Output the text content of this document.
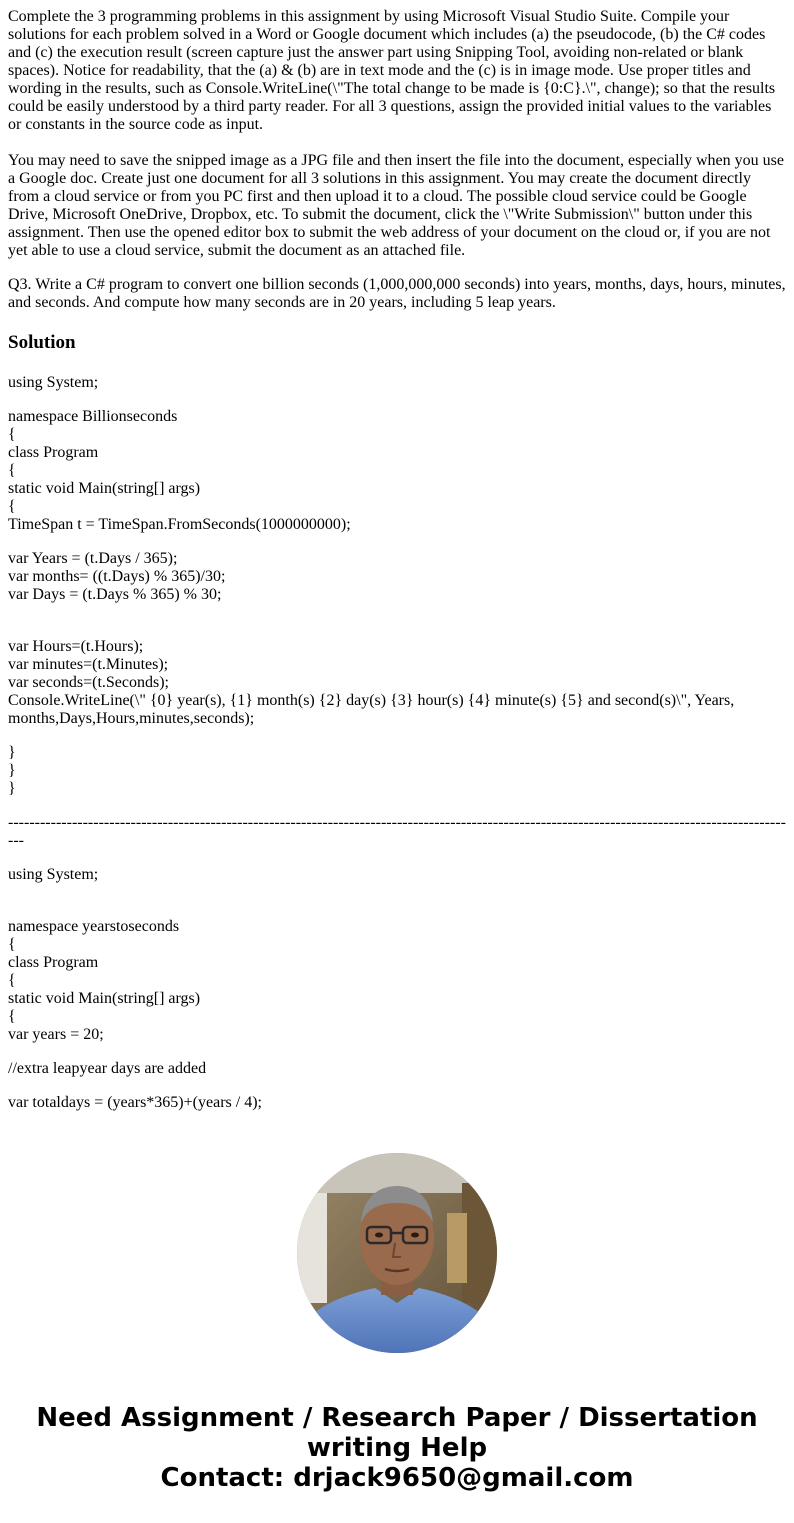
Complete the 3 programming problems in this assignment by using Microsoft Visual Studio Suite. Compile your solutions for each problem solved in a Word or Google document which includes (a) the pseudocode, (b) the C# codes and (c) the execution result (screen capture just the answer part using Snipping Tool, avoiding non-related or blank spaces). Notice for readability, that the (a) & (b) are in text mode and the (c) is in image mode. Use proper titles and wording in the results, such as Console.WriteLine(\"The total change to be made is {0:C}.\", change); so that the results could be easily understood by a third party reader. For all 3 questions, assign the provided initial values to the variables or constants in the source code as input.

You may need to save the snipped image as a JPG file and then insert the file into the document, especially when you use a Google doc. Create just one document for all 3 solutions in this assignment. You may create the document directly from a cloud service or from you PC first and then upload it to a cloud. The possible cloud service could be Google Drive, Microsoft OneDrive, Dropbox, etc. To submit the document, click the \"Write Submission\" button under this assignment. Then use the opened editor box to submit the web address of your document on the cloud or, if you are not yet able to use a cloud service, submit the document as an attached file.

Q3. Write a C# program to convert one billion seconds (1,000,000,000 seconds) into years, months, days, hours, minutes, and seconds. And compute how many seconds are in 20 years, including 5 leap years.

Solution
using System;
namespace Billionseconds
{
class Program
{
static void Main(string[] args)
{
TimeSpan t = TimeSpan.FromSeconds(1000000000);
var Years = (t.Days / 365);
var months= ((t.Days) % 365)/30;
var Days = (t.Days % 365) % 30;
var Hours=(t.Hours);
var minutes=(t.Minutes);
var seconds=(t.Seconds);
Console.WriteLine(\" {0} year(s), {1} month(s) {2} day(s) {3} hour(s) {4} minute(s) {5} and second(s)\", Years, months,Days,Hours,minutes,seconds);
}
}
}
-----------------------------------------------------------------------------------------------------------------------------------------------------
using System;
namespace yearstoseconds
{
class Program
{
static void Main(string[] args)
{
var years = 20;
//extra leapyear days are added
var totaldays = (years*365)+(years / 4);
Need Assignment / Research Paper / Dissertation writing Help
Contact: drjack9650@gmail.com
